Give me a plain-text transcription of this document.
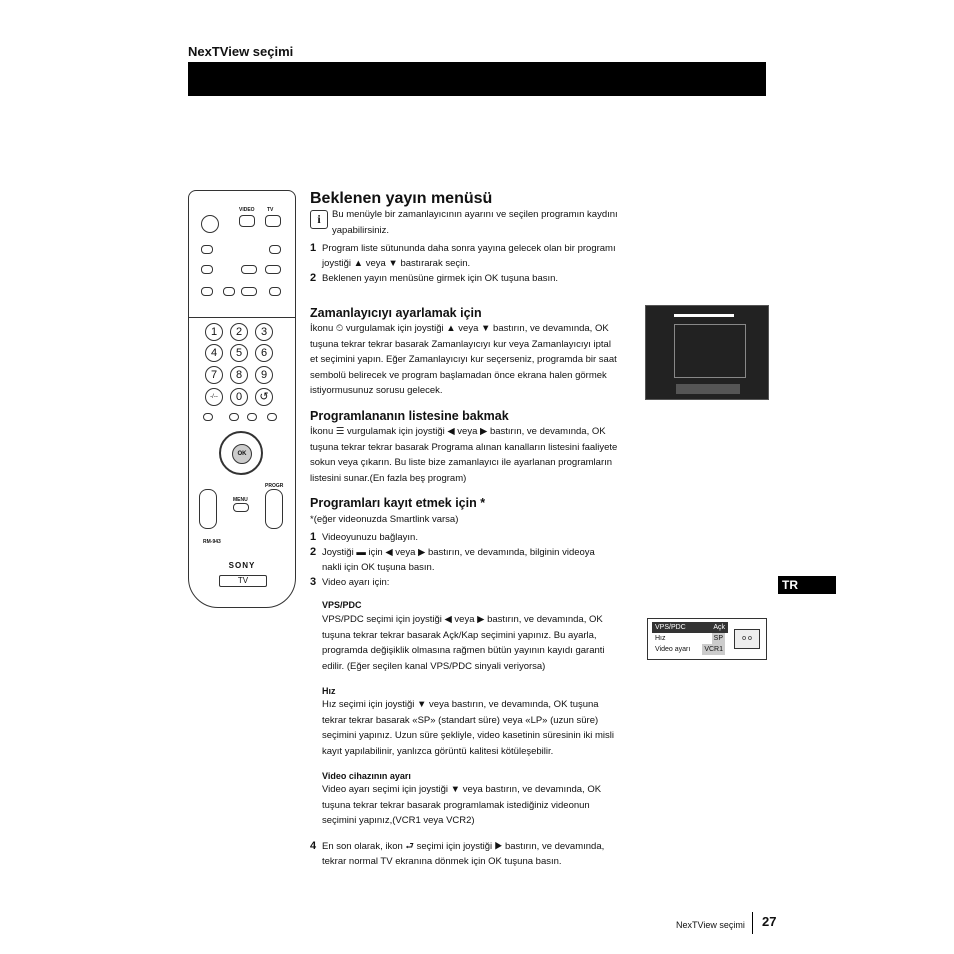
NexTView seçimi
VIDEO TV
1	2	3
4	5	6
7	8	9
-/--	0	↺
OK
PROGR
MENU
RM-943
SONY
TV
Beklenen yayın menüsü
i	Bu menüyle bir zamanlayıcının ayarını ve seçilen programın kaydını yapabilirsiniz.
1 Program liste sütununda daha sonra yayına gelecek olan bir programı
joystiği ▲ veya ▼ bastırarak seçin.
2 Beklenen yayın menüsüne girmek için OK tuşuna basın.
Zamanlayıcıyı ayarlamak için
İkonu ⏲ vurgulamak için joystiği ▲ veya ▼ bastırın, ve devamında, OK
tuşuna tekrar tekrar basarak Zamanlayıcıyı kur veya Zamanlayıcıyı iptal
et seçimini yapın. Eğer Zamanlayıcıyı kur seçerseniz, programda bir saat
sembolü belirecek ve program başlamadan önce ekrana halen görmek
istiyormusunuz sorusu gelecek.
Programlananın listesine bakmak
İkonu ☰ vurgulamak için joystiği ◀ veya ▶ bastırın, ve devamında, OK
tuşuna tekrar tekrar basarak Programa alınan kanalların listesini faaliyete
sokun veya çıkarın. Bu liste bize zamanlayıcı ile ayarlanan programların
listesini sunar.(En fazla beş program)
Programları kayıt etmek için *
*(eğer videonuzda Smartlink varsa)
1 Videoyunuzu bağlayın.
2 Joystiği ▬ için ◀ veya ▶ bastırın, ve devamında, bilginin videoya
nakli için OK tuşuna basın.
3 Video ayarı için:
VPS/PDC
VPS/PDC seçimi için joystiği ◀ veya ▶ bastırın, ve devamında, OK
tuşuna tekrar tekrar basarak Açk/Kap seçimini yapınız. Bu ayarla,
programda değişiklik olmasına rağmen bütün yayının kayıdı garanti
edilir. (Eğer seçilen kanal VPS/PDC sinyali veriyorsa)
Hız
Hız seçimi için joystiği ▼ veya bastırın, ve devamında, OK tuşuna
tekrar tekrar basarak «SP» (standart süre) veya «LP» (uzun süre)
seçimini yapınız. Uzun süre şekliyle, video kasetinin süresinin iki misli
kayıt yapılabilinir, yanlızca görüntü kalitesi kötüleşebilir.
Video cihazının ayarı
Video ayarı seçimi için joystiği ▼ veya bastırın, ve devamında, OK
tuşuna tekrar tekrar basarak programlamak istediğiniz videonun
seçimini yapınız,(VCR1 veya VCR2)
4 En son olarak, ikon ⮐ seçimi için joystiği ▶ bastırın, ve devamında,
tekrar normal TV ekranına dönmek için OK tuşuna basın.
VPS/PDC	Açk
Hız	SP
Video ayarı VCR1
o o
TR
NexTView seçimi 27
